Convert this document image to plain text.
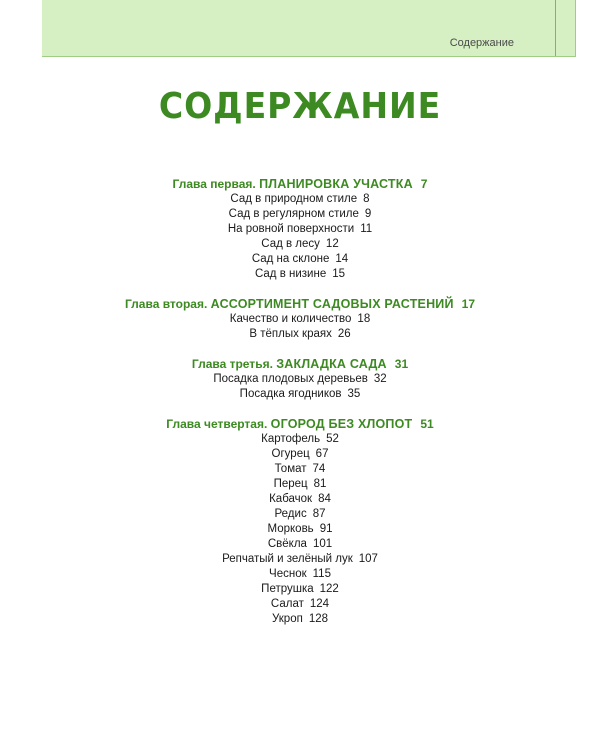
Содержание
СОДЕРЖАНИЕ
Глава первая. ПЛАНИРОВКА УЧАСТКА 7
Сад в природном стиле 8
Сад в регулярном стиле 9
На ровной поверхности 11
Сад в лесу 12
Сад на склоне 14
Сад в низине 15
Глава вторая. АССОРТИМЕНТ САДОВЫХ РАСТЕНИЙ 17
Качество и количество 18
В тёплых краях 26
Глава третья. ЗАКЛАДКА САДА 31
Посадка плодовых деревьев 32
Посадка ягодников 35
Глава четвертая. ОГОРОД БЕЗ ХЛОПОТ 51
Картофель 52
Огурец 67
Томат 74
Перец 81
Кабачок 84
Редис 87
Морковь 91
Свёкла 101
Репчатый и зелёный лук 107
Чеснок 115
Петрушка 122
Салат 124
Укроп 128
